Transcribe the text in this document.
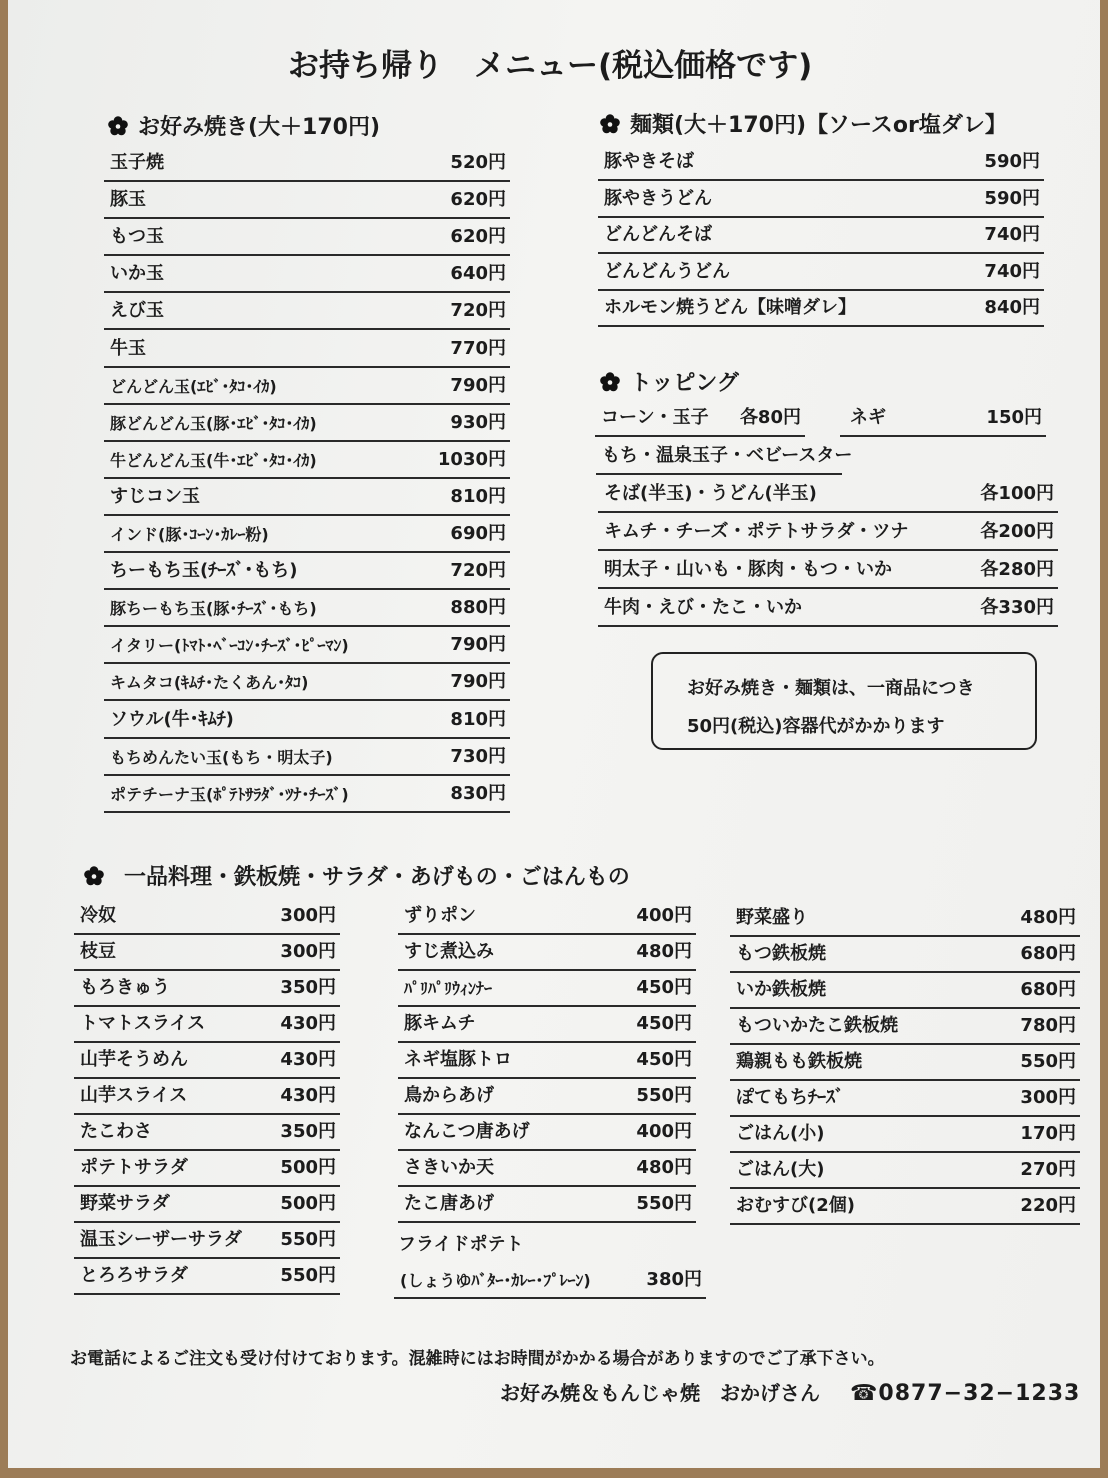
お持ち帰り　メニュー(税込価格です)
お好み焼き(大＋170円)
玉子焼	520円
豚玉	620円
もつ玉	620円
いか玉	640円
えび玉	720円
牛玉	770円
どんどん玉(ｴﾋﾞ･ﾀｺ･ｲｶ)	790円
豚どんどん玉(豚･ｴﾋﾞ･ﾀｺ･ｲｶ)	930円
牛どんどん玉(牛･ｴﾋﾞ･ﾀｺ･ｲｶ)	1030円
すじコン玉	810円
インド(豚･ｺｰﾝ･ｶﾚｰ粉)	690円
ちーもち玉(ﾁｰｽﾞ･もち)	720円
豚ちーもち玉(豚･ﾁｰｽﾞ･もち)	880円
イタリー(ﾄﾏﾄ･ﾍﾞｰｺﾝ･ﾁｰｽﾞ･ﾋﾟｰﾏﾝ)	790円
キムタコ(ｷﾑﾁ･たくあん･ﾀｺ)	790円
ソウル(牛･ｷﾑﾁ)	810円
もちめんたい玉(もち・明太子)	730円
ポテチーナ玉(ﾎﾟﾃﾄｻﾗﾀﾞ･ﾂﾅ･ﾁｰｽﾞ)	830円
麺類(大＋170円)【ソースor塩ダレ】
豚やきそば	590円
豚やきうどん	590円
どんどんそば	740円
どんどんうどん	740円
ホルモン焼うどん【味噌ダレ】	840円
トッピング
コーン・玉子 各80円	ネギ	150円
もち・温泉玉子・ベビースター
そば(半玉)・うどん(半玉)	各100円
キムチ・チーズ・ポテトサラダ・ツナ	各200円
明太子・山いも・豚肉・もつ・いか	各280円
牛肉・えび・たこ・いか	各330円
お好み焼き・麺類は、一商品につき
50円(税込)容器代がかかります
一品料理・鉄板焼・サラダ・あげもの・ごはんもの
冷奴	300円
枝豆	300円
もろきゅう	350円
トマトスライス	430円
山芋そうめん	430円
山芋スライス	430円
たこわさ	350円
ポテトサラダ	500円
野菜サラダ	500円
温玉シーザーサラダ 550円
とろろサラダ	550円
ずりポン	400円
すじ煮込み	480円
ﾊﾟﾘﾊﾟﾘｳｨﾝﾅｰ	450円
豚キムチ	450円
ネギ塩豚トロ	450円
鳥からあげ	550円
なんこつ唐あげ	400円
さきいか天	480円
たこ唐あげ	550円
野菜盛り	480円
もつ鉄板焼	680円
いか鉄板焼	680円
もついかたこ鉄板焼	780円
鶏親もも鉄板焼	550円
ぽてもちﾁｰｽﾞ	300円
ごはん(小)	170円
ごはん(大)	270円
おむすび(2個)	220円
フライドポテト
(しょうゆﾊﾞﾀｰ･ｶﾚｰ･ﾌﾟﾚｰﾝ)	380円
お電話によるご注文も受け付けております。混雑時にはお時間がかかる場合がありますのでご了承下さい。
お好み焼＆もんじゃ焼　おかげさん ☎0877−32−1233
